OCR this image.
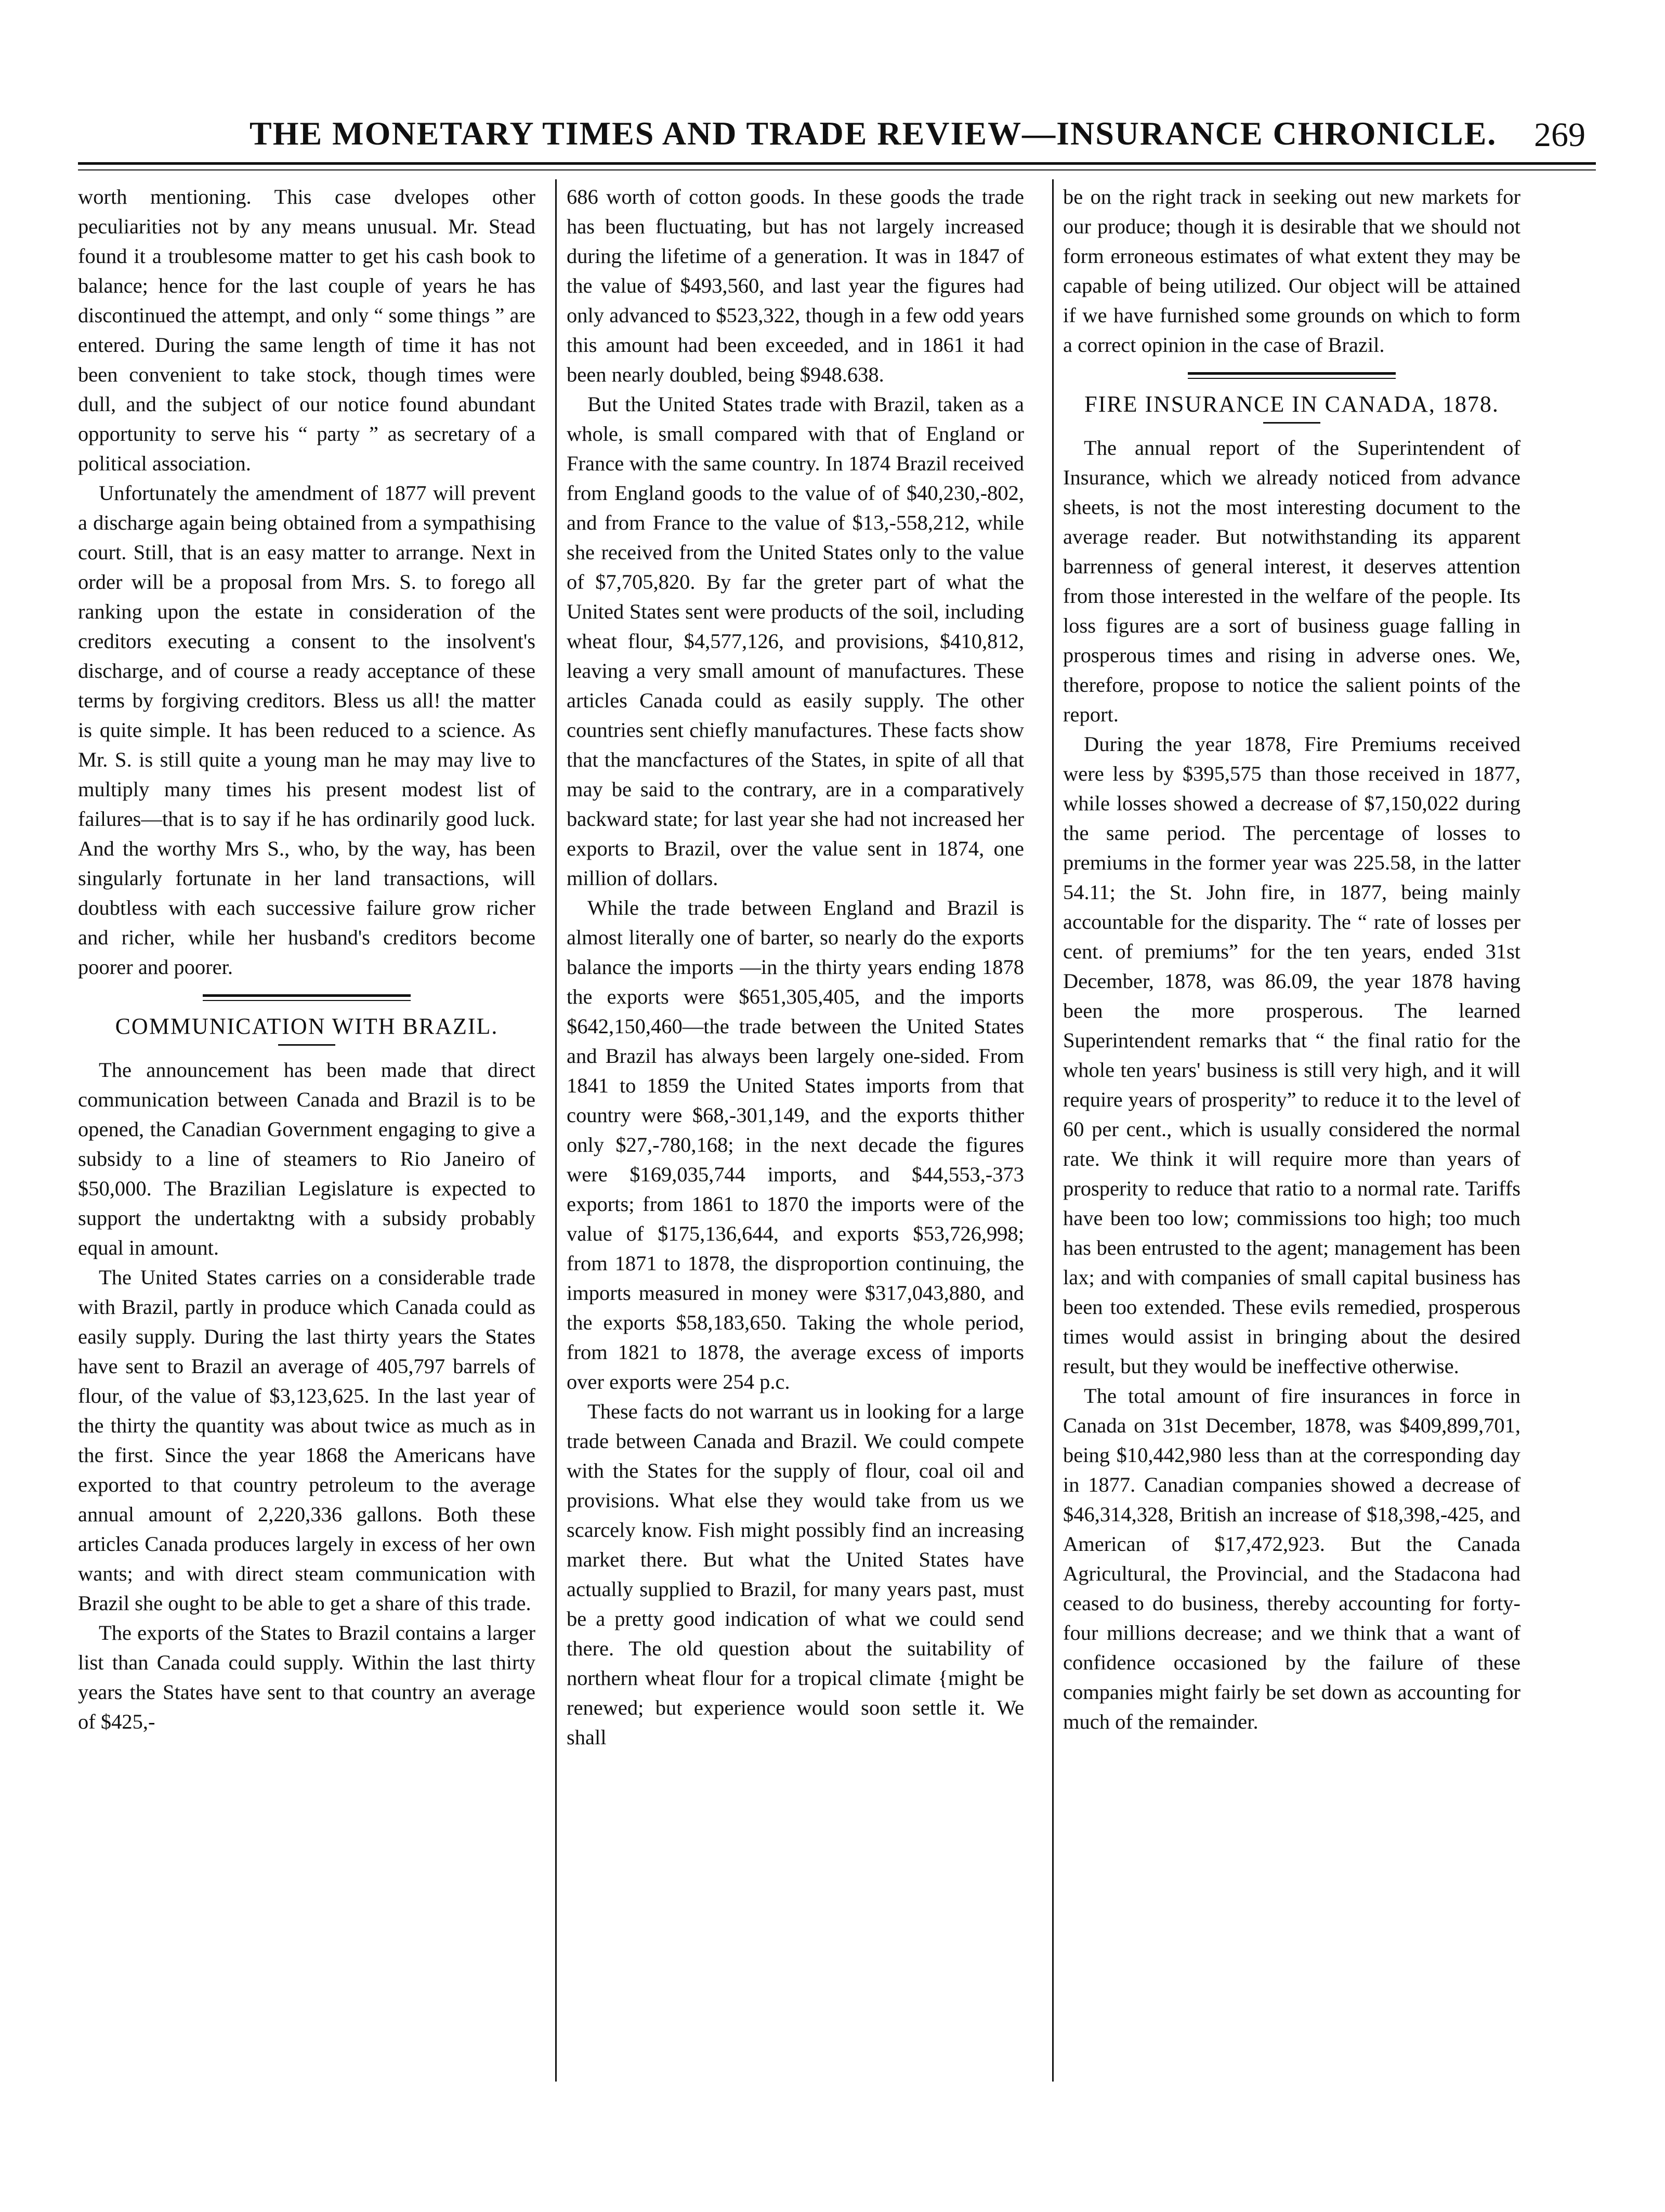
THE MONETARY TIMES AND TRADE REVIEW—INSURANCE CHRONICLE. 269

worth mentioning. This case dvelopes other peculiarities not by any means unusual. Mr. Stead found it a troublesome matter to get his cash book to balance; hence for the last couple of years he has discontinued the attempt, and only “ some things ” are entered. During the same length of time it has not been convenient to take stock, though times were dull, and the subject of our notice found abundant opportunity to serve his “ party ” as secretary of a political association.

Unfortunately the amendment of 1877 will prevent a discharge again being obtained from a sympathising court. Still, that is an easy matter to arrange. Next in order will be a proposal from Mrs. S. to forego all ranking upon the estate in consideration of the creditors executing a consent to the insolvent's discharge, and of course a ready acceptance of these terms by forgiving creditors. Bless us all! the matter is quite simple. It has been reduced to a science. As Mr. S. is still quite a young man he may may live to multiply many times his present modest list of failures—that is to say if he has ordinarily good luck. And the worthy Mrs S., who, by the way, has been singularly fortunate in her land transactions, will doubtless with each successive failure grow richer and richer, while her husband's creditors become poorer and poorer.

COMMUNICATION WITH BRAZIL.

The announcement has been made that direct communication between Canada and Brazil is to be opened, the Canadian Government engaging to give a subsidy to a line of steamers to Rio Janeiro of $50,000. The Brazilian Legislature is expected to support the undertaktng with a subsidy probably equal in amount.

The United States carries on a considerable trade with Brazil, partly in produce which Canada could as easily supply. During the last thirty years the States have sent to Brazil an average of 405,797 barrels of flour, of the value of $3,123,625. In the last year of the thirty the quantity was about twice as much as in the first. Since the year 1868 the Americans have exported to that country petroleum to the average annual amount of 2,220,336 gallons. Both these articles Canada produces largely in excess of her own wants; and with direct steam communication with Brazil she ought to be able to get a share of this trade.

The exports of the States to Brazil contains a larger list than Canada could supply. Within the last thirty years the States have sent to that country an average of $425,-

686 worth of cotton goods. In these goods the trade has been fluctuating, but has not largely increased during the lifetime of a generation. It was in 1847 of the value of $493,560, and last year the figures had only advanced to $523,322, though in a few odd years this amount had been exceeded, and in 1861 it had been nearly doubled, being $948.638.

But the United States trade with Brazil, taken as a whole, is small compared with that of England or France with the same country. In 1874 Brazil received from England goods to the value of of $40,230,-802, and from France to the value of $13,-558,212, while she received from the United States only to the value of $7,705,820. By far the greter part of what the United States sent were products of the soil, including wheat flour, $4,577,126, and provisions, $410,812, leaving a very small amount of manufactures. These articles Canada could as easily supply. The other countries sent chiefly manufactures. These facts show that the mancfactures of the States, in spite of all that may be said to the contrary, are in a comparatively backward state; for last year she had not increased her exports to Brazil, over the value sent in 1874, one million of dollars.

While the trade between England and Brazil is almost literally one of barter, so nearly do the exports balance the imports —in the thirty years ending 1878 the exports were $651,305,405, and the imports $642,150,460—the trade between the United States and Brazil has always been largely one-sided. From 1841 to 1859 the United States imports from that country were $68,-301,149, and the exports thither only $27,-780,168; in the next decade the figures were $169,035,744 imports, and $44,553,-373 exports; from 1861 to 1870 the imports were of the value of $175,136,644, and exports $53,726,998; from 1871 to 1878, the disproportion continuing, the imports measured in money were $317,043,880, and the exports $58,183,650. Taking the whole period, from 1821 to 1878, the average excess of imports over exports were 254 p.c.

These facts do not warrant us in looking for a large trade between Canada and Brazil. We could compete with the States for the supply of flour, coal oil and provisions. What else they would take from us we scarcely know. Fish might possibly find an increasing market there. But what the United States have actually supplied to Brazil, for many years past, must be a pretty good indication of what we could send there. The old question about the suitability of northern wheat flour for a tropical climate {might be renewed; but experience would soon settle it. We shall

be on the right track in seeking out new markets for our produce; though it is desirable that we should not form erroneous estimates of what extent they may be capable of being utilized. Our object will be attained if we have furnished some grounds on which to form a correct opinion in the case of Brazil.

FIRE INSURANCE IN CANADA, 1878.

The annual report of the Superintendent of Insurance, which we already noticed from advance sheets, is not the most interesting document to the average reader. But notwithstanding its apparent barrenness of general interest, it deserves attention from those interested in the welfare of the people. Its loss figures are a sort of business guage falling in prosperous times and rising in adverse ones. We, therefore, propose to notice the salient points of the report.

During the year 1878, Fire Premiums received were less by $395,575 than those received in 1877, while losses showed a decrease of $7,150,022 during the same period. The percentage of losses to premiums in the former year was 225.58, in the latter 54.11; the St. John fire, in 1877, being mainly accountable for the disparity. The “ rate of losses per cent. of premiums” for the ten years, ended 31st December, 1878, was 86.09, the year 1878 having been the more prosperous. The learned Superintendent remarks that “ the final ratio for the whole ten years' business is still very high, and it will require years of prosperity” to reduce it to the level of 60 per cent., which is usually considered the normal rate. We think it will require more than years of prosperity to reduce that ratio to a normal rate. Tariffs have been too low; commissions too high; too much has been entrusted to the agent; management has been lax; and with companies of small capital business has been too extended. These evils remedied, prosperous times would assist in bringing about the desired result, but they would be ineffective otherwise.

The total amount of fire insurances in force in Canada on 31st December, 1878, was $409,899,701, being $10,442,980 less than at the corresponding day in 1877. Canadian companies showed a decrease of $46,314,328, British an increase of $18,398,-425, and American of $17,472,923. But the Canada Agricultural, the Provincial, and the Stadacona had ceased to do business, thereby accounting for forty-four millions decrease; and we think that a want of confidence occasioned by the failure of these companies might fairly be set down as accounting for much of the remainder.
